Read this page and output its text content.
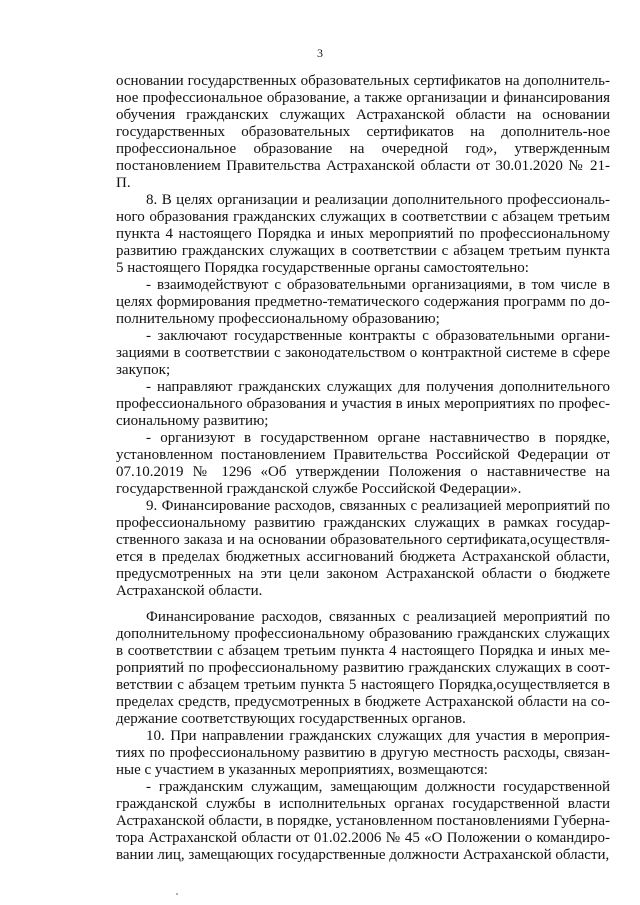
3

основании государственных образовательных сертификатов на дополнитель-ное профессиональное образование, а также организации и финансирования обучения гражданских служащих Астраханской области на основании государственных образовательных сертификатов на дополнитель-ное профессиональное образование на очередной год», утвержденным постановлением Правительства Астраханской области от 30.01.2020 № 21-П.

8. В целях организации и реализации дополнительного профессиональ-ного образования гражданских служащих в соответствии с абзацем третьим пункта 4 настоящего Порядка и иных мероприятий по профессиональному развитию гражданских служащих в соответствии с абзацем третьим пункта 5 настоящего Порядка государственные органы самостоятельно:

- взаимодействуют с образовательными организациями, в том числе в целях формирования предметно-тематического содержания программ по до-полнительному профессиональному образованию;

- заключают государственные контракты с образовательными органи-зациями в соответствии с законодательством о контрактной системе в сфере закупок;

- направляют гражданских служащих для получения дополнительного профессионального образования и участия в иных мероприятиях по профес-сиональному развитию;

- организуют в государственном органе наставничество в порядке, установленном постановлением Правительства Российской Федерации от 07.10.2019 № 1296 «Об утверждении Положения о наставничестве на государственной гражданской службе Российской Федерации».

9. Финансирование расходов, связанных с реализацией мероприятий по профессиональному развитию гражданских служащих в рамках государ-ственного заказа и на основании образовательного сертификата,осуществля-ется в пределах бюджетных ассигнований бюджета Астраханской области, предусмотренных на эти цели законом Астраханской области о бюджете Астраханской области.

Финансирование расходов, связанных с реализацией мероприятий по дополнительному профессиональному образованию гражданских служащих в соответствии с абзацем третьим пункта 4 настоящего Порядка и иных ме-роприятий по профессиональному развитию гражданских служащих в соот-ветствии с абзацем третьим пункта 5 настоящего Порядка,осуществляется в пределах средств, предусмотренных в бюджете Астраханской области на со-держание соответствующих государственных органов.

10. При направлении гражданских служащих для участия в мероприя-тиях по профессиональному развитию в другую местность расходы, связан-ные с участием в указанных мероприятиях, возмещаются:

- гражданским служащим, замещающим должности государственной гражданской службы в исполнительных органах государственной власти Астраханской области, в порядке, установленном постановлениями Губерна-тора Астраханской области от 01.02.2006 № 45 «О Положении о командиро-вании лиц, замещающих государственные должности Астраханской области,
